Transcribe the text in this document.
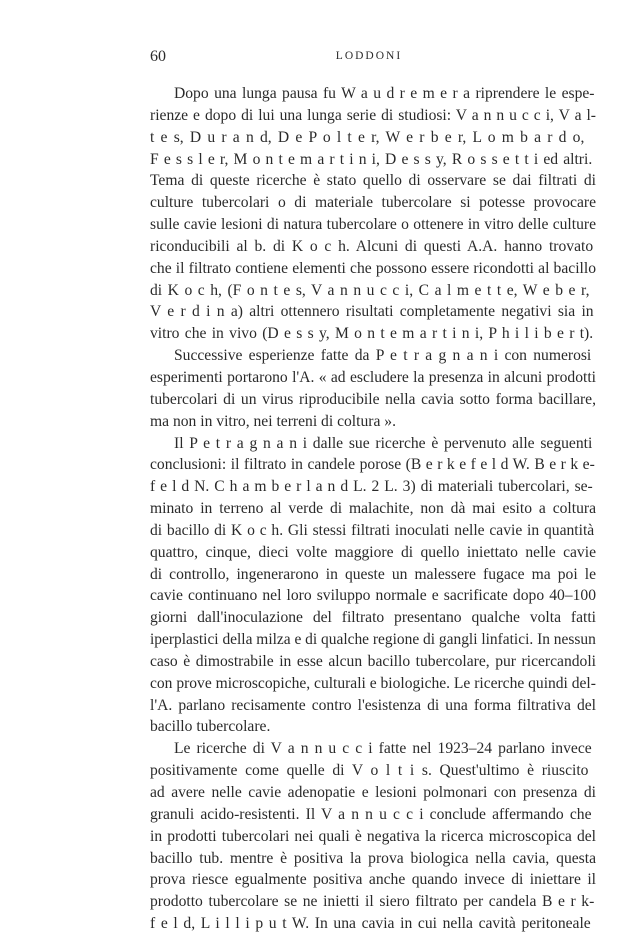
60	LODDONI
Dopo una lunga pausa fu W a u d r e m e r a riprendere le espe-
rienze e dopo di lui una lunga serie di studiosi: V a n n u c c i, V a l-
t e s, D u r a n d, D e P o l t e r, W e r b e r, L o m b a r d o,
F e s s l e r, M o n t e m a r t i n i, D e s s y, R o s s e t t i ed altri.
Tema di queste ricerche è stato quello di osservare se dai filtrati di
culture tubercolari o di materiale tubercolare si potesse provocare
sulle cavie lesioni di natura tubercolare o ottenere in vitro delle culture
riconducibili al b. di K o c h. Alcuni di questi A.A. hanno trovato
che il filtrato contiene elementi che possono essere ricondotti al bacillo
di K o c h, (F o n t e s, V a n n u c c i, C a l m e t t e, W e b e r,
V e r d i n a) altri ottennero risultati completamente negativi sia in
vitro che in vivo (D e s s y, M o n t e m a r t i n i, P h i l i b e r t).
Successive esperienze fatte da P e t r a g n a n i con numerosi
esperimenti portarono l'A. « ad escludere la presenza in alcuni prodotti
tubercolari di un virus riproducibile nella cavia sotto forma bacillare,
ma non in vitro, nei terreni di coltura ».
Il P e t r a g n a n i dalle sue ricerche è pervenuto alle seguenti
conclusioni: il filtrato in candele porose (B e r k e f e l d W. B e r k e-
f e l d N. C h a m b e r l a n d L. 2 L. 3) di materiali tubercolari, se-
minato in terreno al verde di malachite, non dà mai esito a coltura
di bacillo di K o c h. Gli stessi filtrati inoculati nelle cavie in quantità
quattro, cinque, dieci volte maggiore di quello iniettato nelle cavie
di controllo, ingenerarono in queste un malessere fugace ma poi le
cavie continuano nel loro sviluppo normale e sacrificate dopo 40–100
giorni dall'inoculazione del filtrato presentano qualche volta fatti
iperplastici della milza e di qualche regione di gangli linfatici. In nessun
caso è dimostrabile in esse alcun bacillo tubercolare, pur ricercandoli
con prove microscopiche, culturali e biologiche. Le ricerche quindi del-
l'A. parlano recisamente contro l'esistenza di una forma filtrativa del
bacillo tubercolare.
Le ricerche di V a n n u c c i fatte nel 1923–24 parlano invece
positivamente come quelle di V o l t i s. Quest'ultimo è riuscito
ad avere nelle cavie adenopatie e lesioni polmonari con presenza di
granuli acido-resistenti. Il V a n n u c c i conclude affermando che
in prodotti tubercolari nei quali è negativa la ricerca microscopica del
bacillo tub. mentre è positiva la prova biologica nella cavia, questa
prova riesce egualmente positiva anche quando invece di iniettare il
prodotto tubercolare se ne inietti il siero filtrato per candela B e r k-
f e l d, L i l l i p u t W. In una cavia in cui nella cavità peritoneale
